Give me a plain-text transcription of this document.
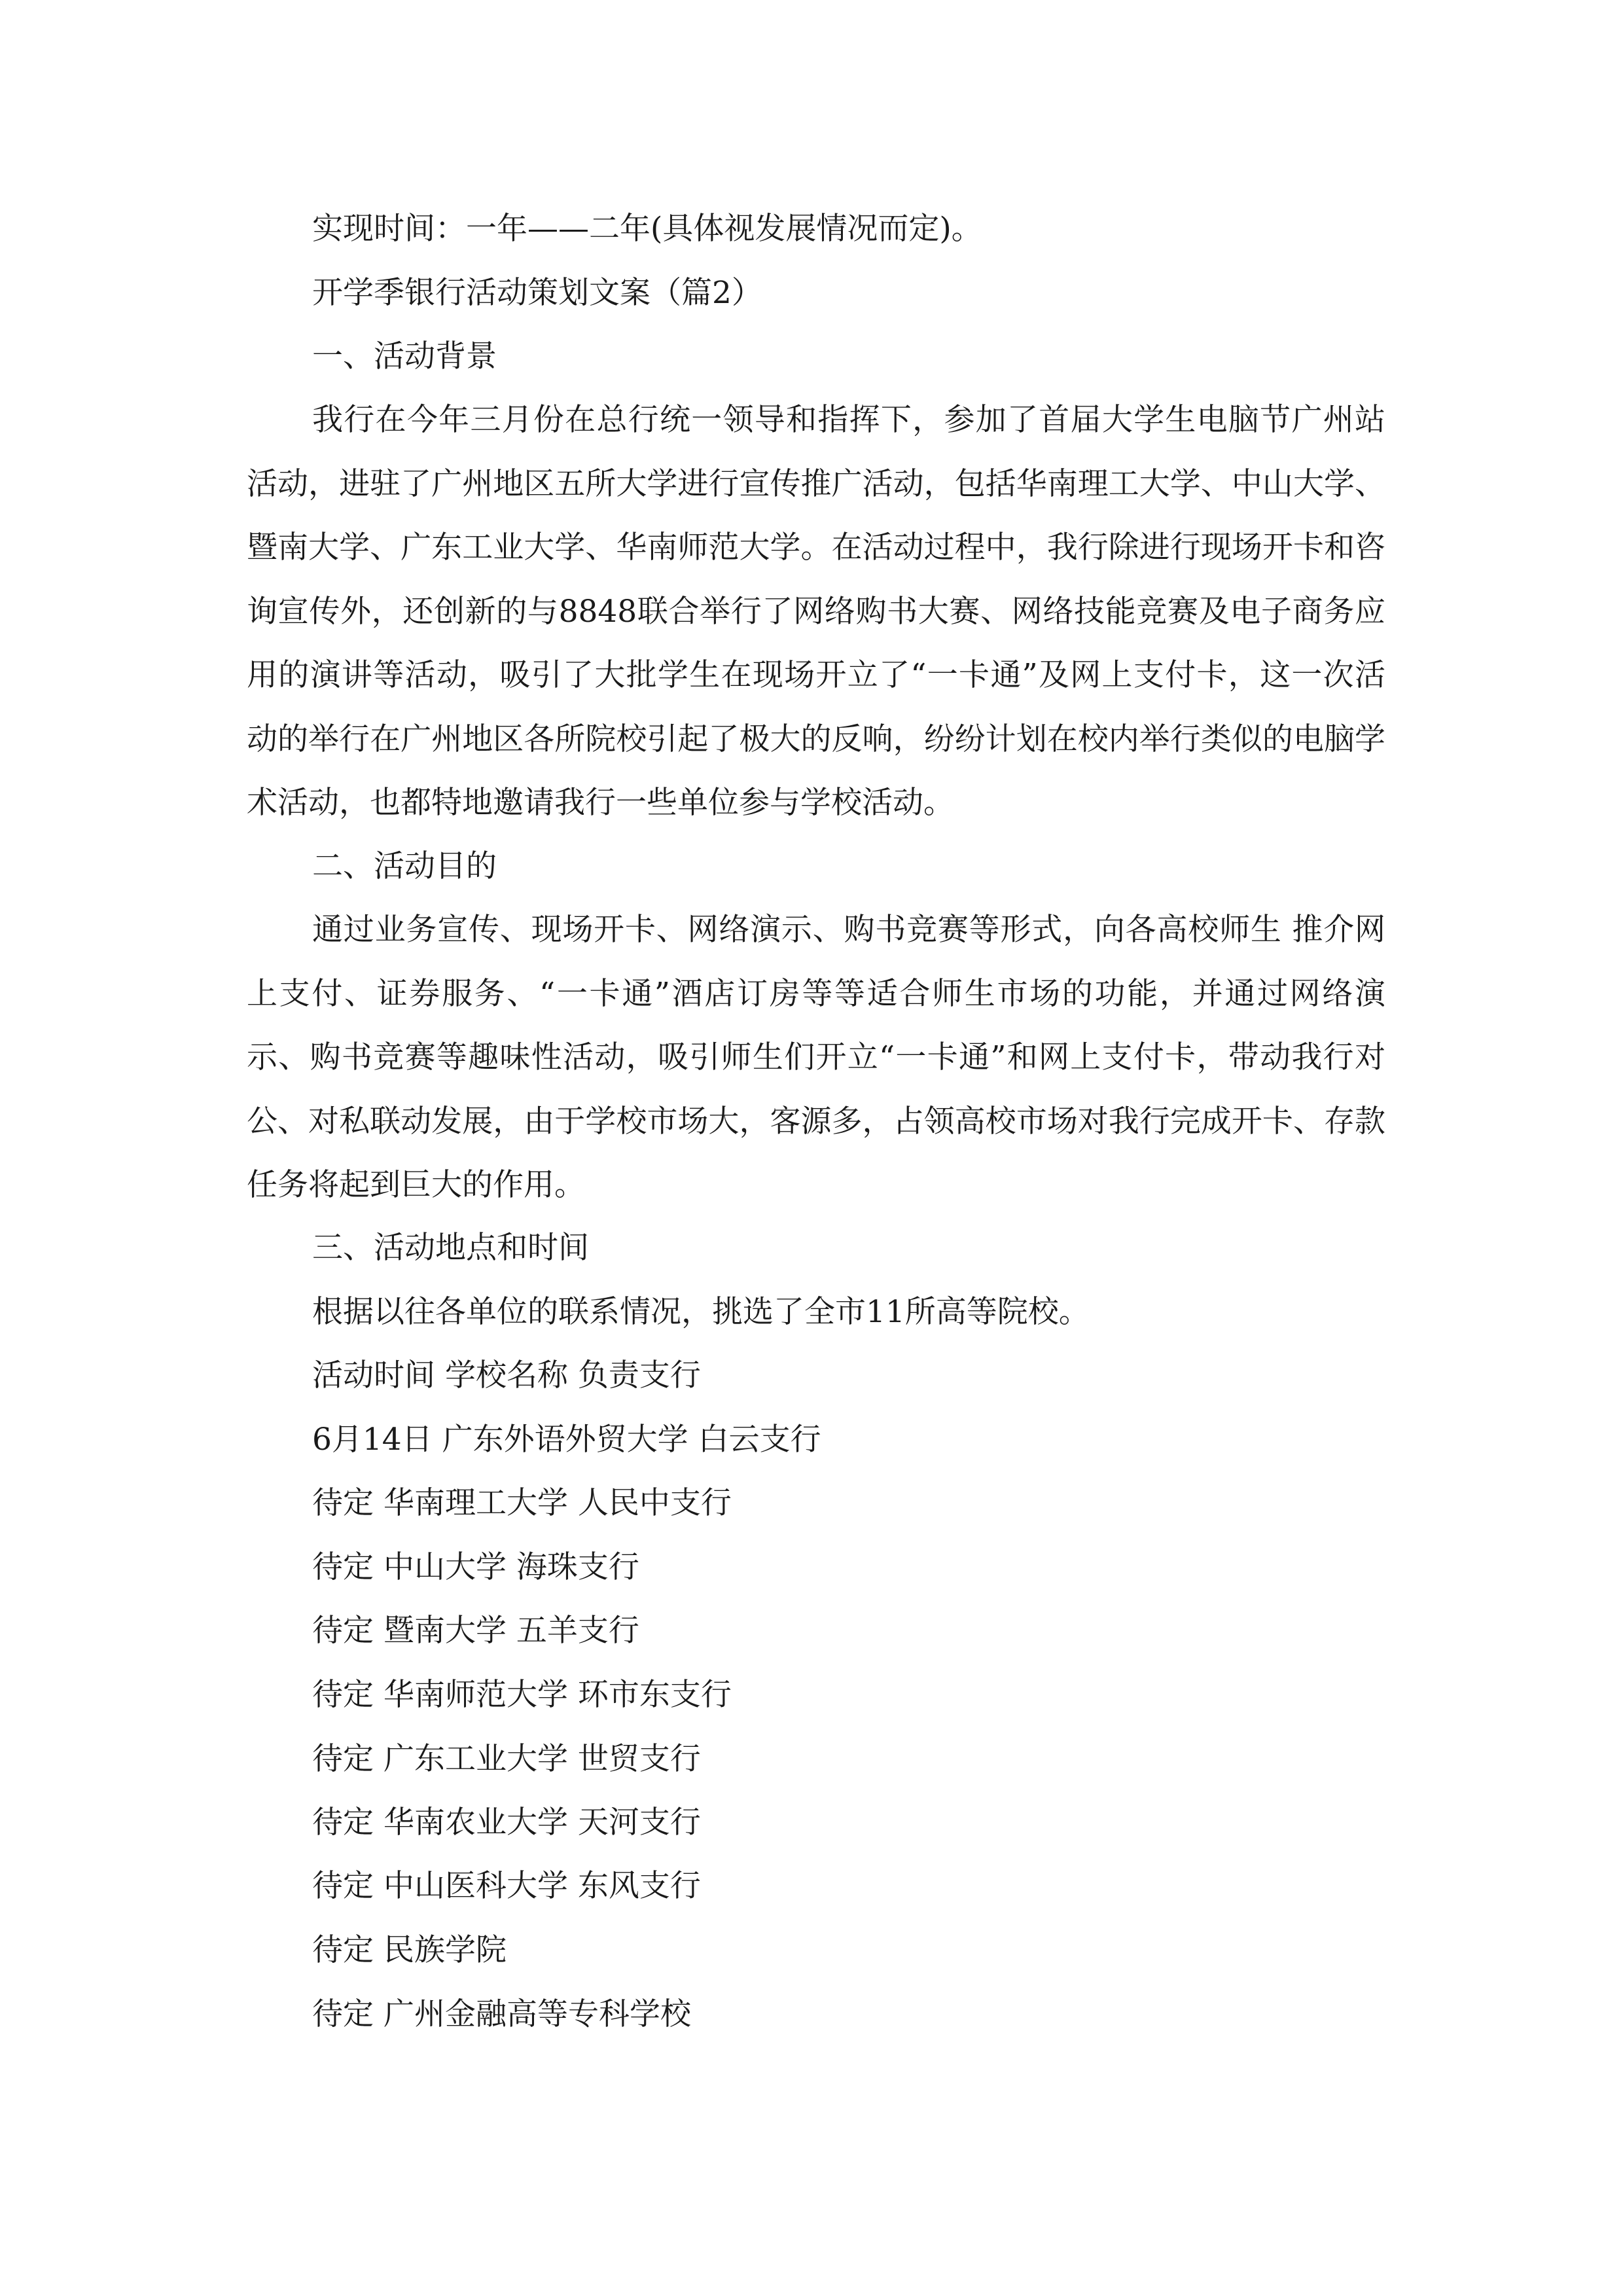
实现时间：一年——二年(具体视发展情况而定)。
开学季银行活动策划文案（篇2）
一、活动背景
我行在今年三月份在总行统一领导和指挥下，参加了首届大学生电脑节广州站活动，进驻了广州地区五所大学进行宣传推广活动，包括华南理工大学、中山大学、暨南大学、广东工业大学、华南师范大学。在活动过程中，我行除进行现场开卡和咨询宣传外，还创新的与8848联合举行了网络购书大赛、网络技能竞赛及电子商务应用的演讲等活动，吸引了大批学生在现场开立了“一卡通”及网上支付卡，这一次活动的举行在广州地区各所院校引起了极大的反响，纷纷计划在校内举行类似的电脑学术活动，也都特地邀请我行一些单位参与学校活动。
二、活动目的
通过业务宣传、现场开卡、网络演示、购书竞赛等形式，向各高校师生 推介网上支付、证券服务、“一卡通”酒店订房等等适合师生市场的功能，并通过网络演示、购书竞赛等趣味性活动，吸引师生们开立“一卡通”和网上支付卡，带动我行对公、对私联动发展，由于学校市场大，客源多，占领高校市场对我行完成开卡、存款任务将起到巨大的作用。
三、活动地点和时间
根据以往各单位的联系情况，挑选了全市11所高等院校。
活动时间 学校名称 负责支行
6月14日 广东外语外贸大学 白云支行
待定 华南理工大学 人民中支行
待定 中山大学 海珠支行
待定 暨南大学 五羊支行
待定 华南师范大学 环市东支行
待定 广东工业大学 世贸支行
待定 华南农业大学 天河支行
待定 中山医科大学 东风支行
待定 民族学院
待定 广州金融高等专科学校
